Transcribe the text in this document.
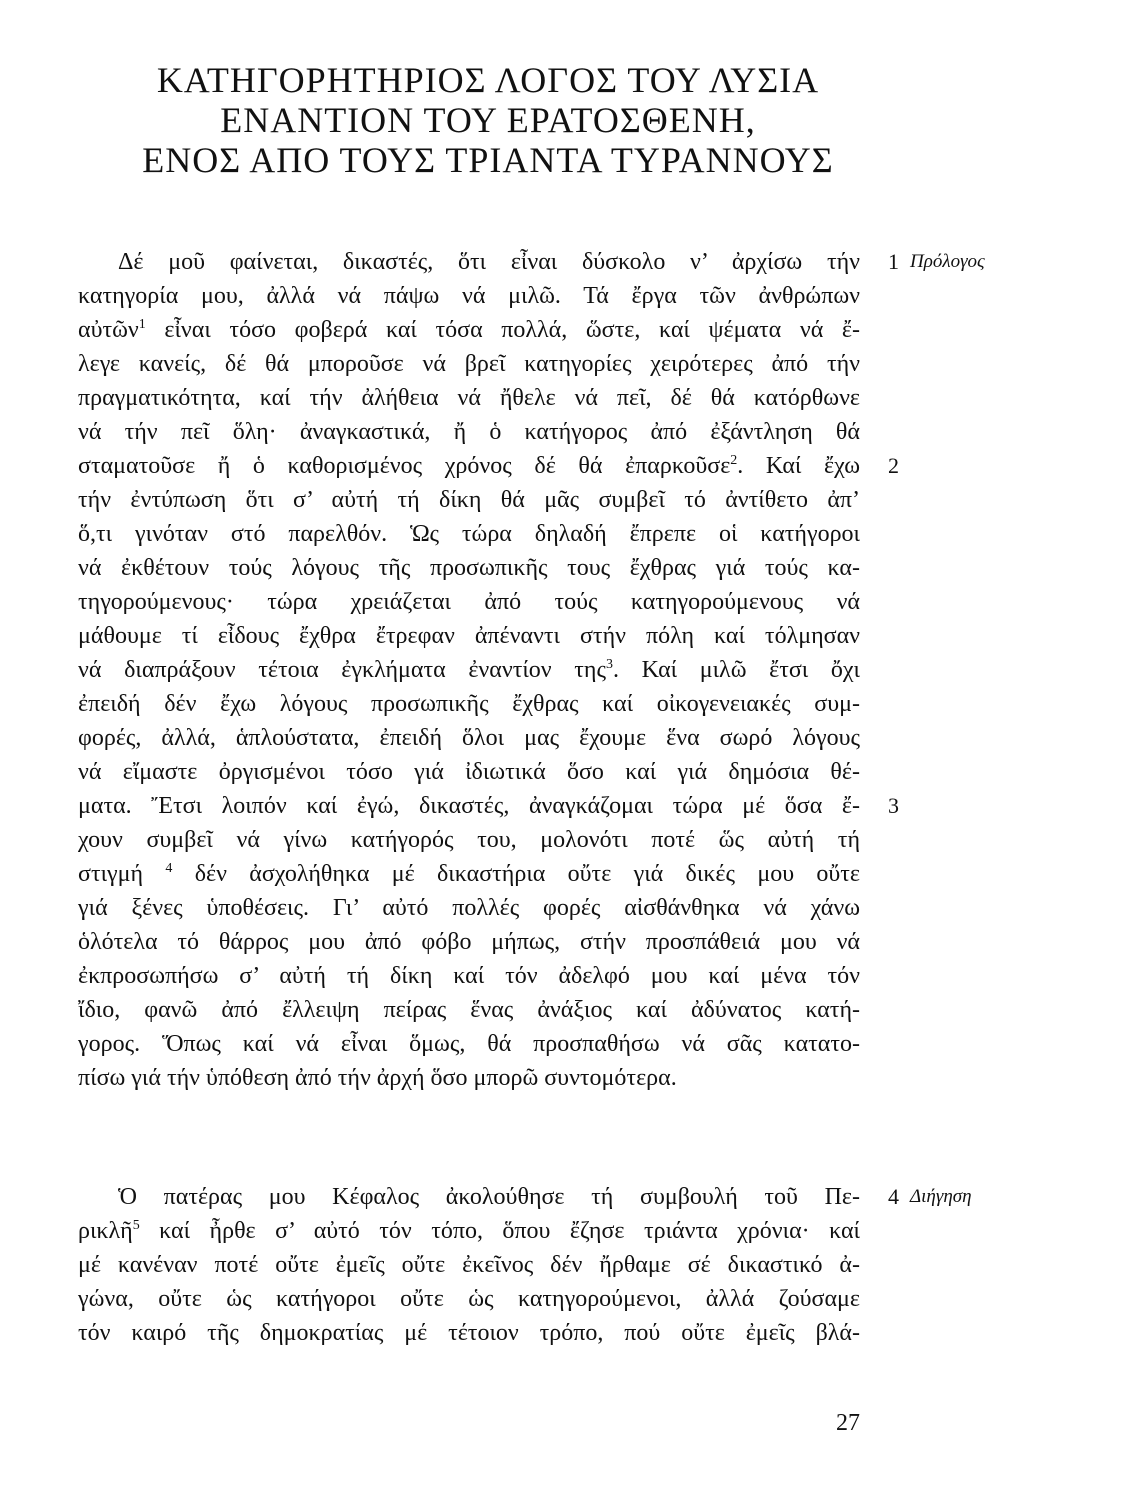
ΚΑΤΗΓΟΡΗΤΗΡΙΟΣ ΛΟΓΟΣ ΤΟΥ ΛΥΣΙΑ
ΕΝΑΝΤΙΟΝ ΤΟΥ ΕΡΑΤΟΣΘΕΝΗ,
ΕΝΟΣ ΑΠΟ ΤΟΥΣ ΤΡΙΑΝΤΑ ΤΥΡΑΝΝΟΥΣ
Δέ μοῦ φαίνεται, δικαστές, ὅτι εἶναι δύσκολο ν’ ἀρχίσω τήν
κατηγορία μου, ἀλλά νά πάψω νά μιλῶ. Τά ἔργα τῶν ἀνθρώπων
αὐτῶν$^1$ εἶναι τόσο φοβερά καί τόσα πολλά, ὥστε, καί ψέματα νά ἔ-
λεγε κανείς, δέ θά μποροῦσε νά βρεῖ κατηγορίες χειρότερες ἀπό τήν
πραγματικότητα, καί τήν ἀλήθεια νά ἤθελε νά πεῖ, δέ θά κατόρθωνε
νά τήν πεῖ ὅλη· ἀναγκαστικά, ἤ ὁ κατήγορος ἀπό ἐξάντληση θά
σταματοῦσε ἤ ὁ καθορισμένος χρόνος δέ θά ἐπαρκοῦσε$^2$. Καί ἔχω
τήν ἐντύπωση ὅτι σ’ αὐτή τή δίκη θά μᾶς συμβεῖ τό ἀντίθετο ἀπ’
ὅ,τι γινόταν στό παρελθόν. Ὡς τώρα δηλαδή ἔπρεπε οἱ κατήγοροι
νά ἐκθέτουν τούς λόγους τῆς προσωπικῆς τους ἔχθρας γιά τούς κα-
τηγορούμενους· τώρα χρειάζεται ἀπό τούς κατηγορούμενους νά
μάθουμε τί εἶδους ἔχθρα ἔτρεφαν ἀπέναντι στήν πόλη καί τόλμησαν
νά διαπράξουν τέτοια ἐγκλήματα ἐναντίον της$^3$. Καί μιλῶ ἔτσι ὄχι
ἐπειδή δέν ἔχω λόγους προσωπικῆς ἔχθρας καί οἰκογενειακές συμ-
φορές, ἀλλά, ἁπλούστατα, ἐπειδή ὅλοι μας ἔχουμε ἕνα σωρό λόγους
νά εἴμαστε ὀργισμένοι τόσο γιά ἰδιωτικά ὅσο καί γιά δημόσια θέ-
ματα. Ἔτσι λοιπόν καί ἐγώ, δικαστές, ἀναγκάζομαι τώρα μέ ὅσα ἔ-
χουν συμβεῖ νά γίνω κατήγορός του, μολονότι ποτέ ὥς αὐτή τή
στιγμή $^4$ δέν ἀσχολήθηκα μέ δικαστήρια οὔτε γιά δικές μου οὔτε
γιά ξένες ὑποθέσεις. Γι’ αὐτό πολλές φορές αἰσθάνθηκα νά χάνω
ὁλότελα τό θάρρος μου ἀπό φόβο μήπως, στήν προσπάθειά μου νά
ἐκπροσωπήσω σ’ αὐτή τή δίκη καί τόν ἀδελφό μου καί μένα τόν
ἴδιο, φανῶ ἀπό ἔλλειψη πείρας ἕνας ἀνάξιος καί ἀδύνατος κατή-
γορος. Ὅπως καί νά εἶναι ὅμως, θά προσπαθήσω νά σᾶς κατατο-
πίσω γιά τήν ὑπόθεση ἀπό τήν ἀρχή ὅσο μπορῶ συντομότερα.
Ὁ πατέρας μου Κέφαλος ἀκολούθησε τή συμβουλή τοῦ Πε-
ρικλῆ$^5$ καί ἦρθε σ’ αὐτό τόν τόπο, ὅπου ἔζησε τριάντα χρόνια· καί
μέ κανέναν ποτέ οὔτε ἐμεῖς οὔτε ἐκεῖνος δέν ἤρθαμε σέ δικαστικό ἀ-
γώνα, οὔτε ὡς κατήγοροι οὔτε ὡς κατηγορούμενοι, ἀλλά ζούσαμε
τόν καιρό τῆς δημοκρατίας μέ τέτοιον τρόπο, πού οὔτε ἐμεῖς βλά-
1 Πρόλογος
2
3
4 Διήγηση
27
